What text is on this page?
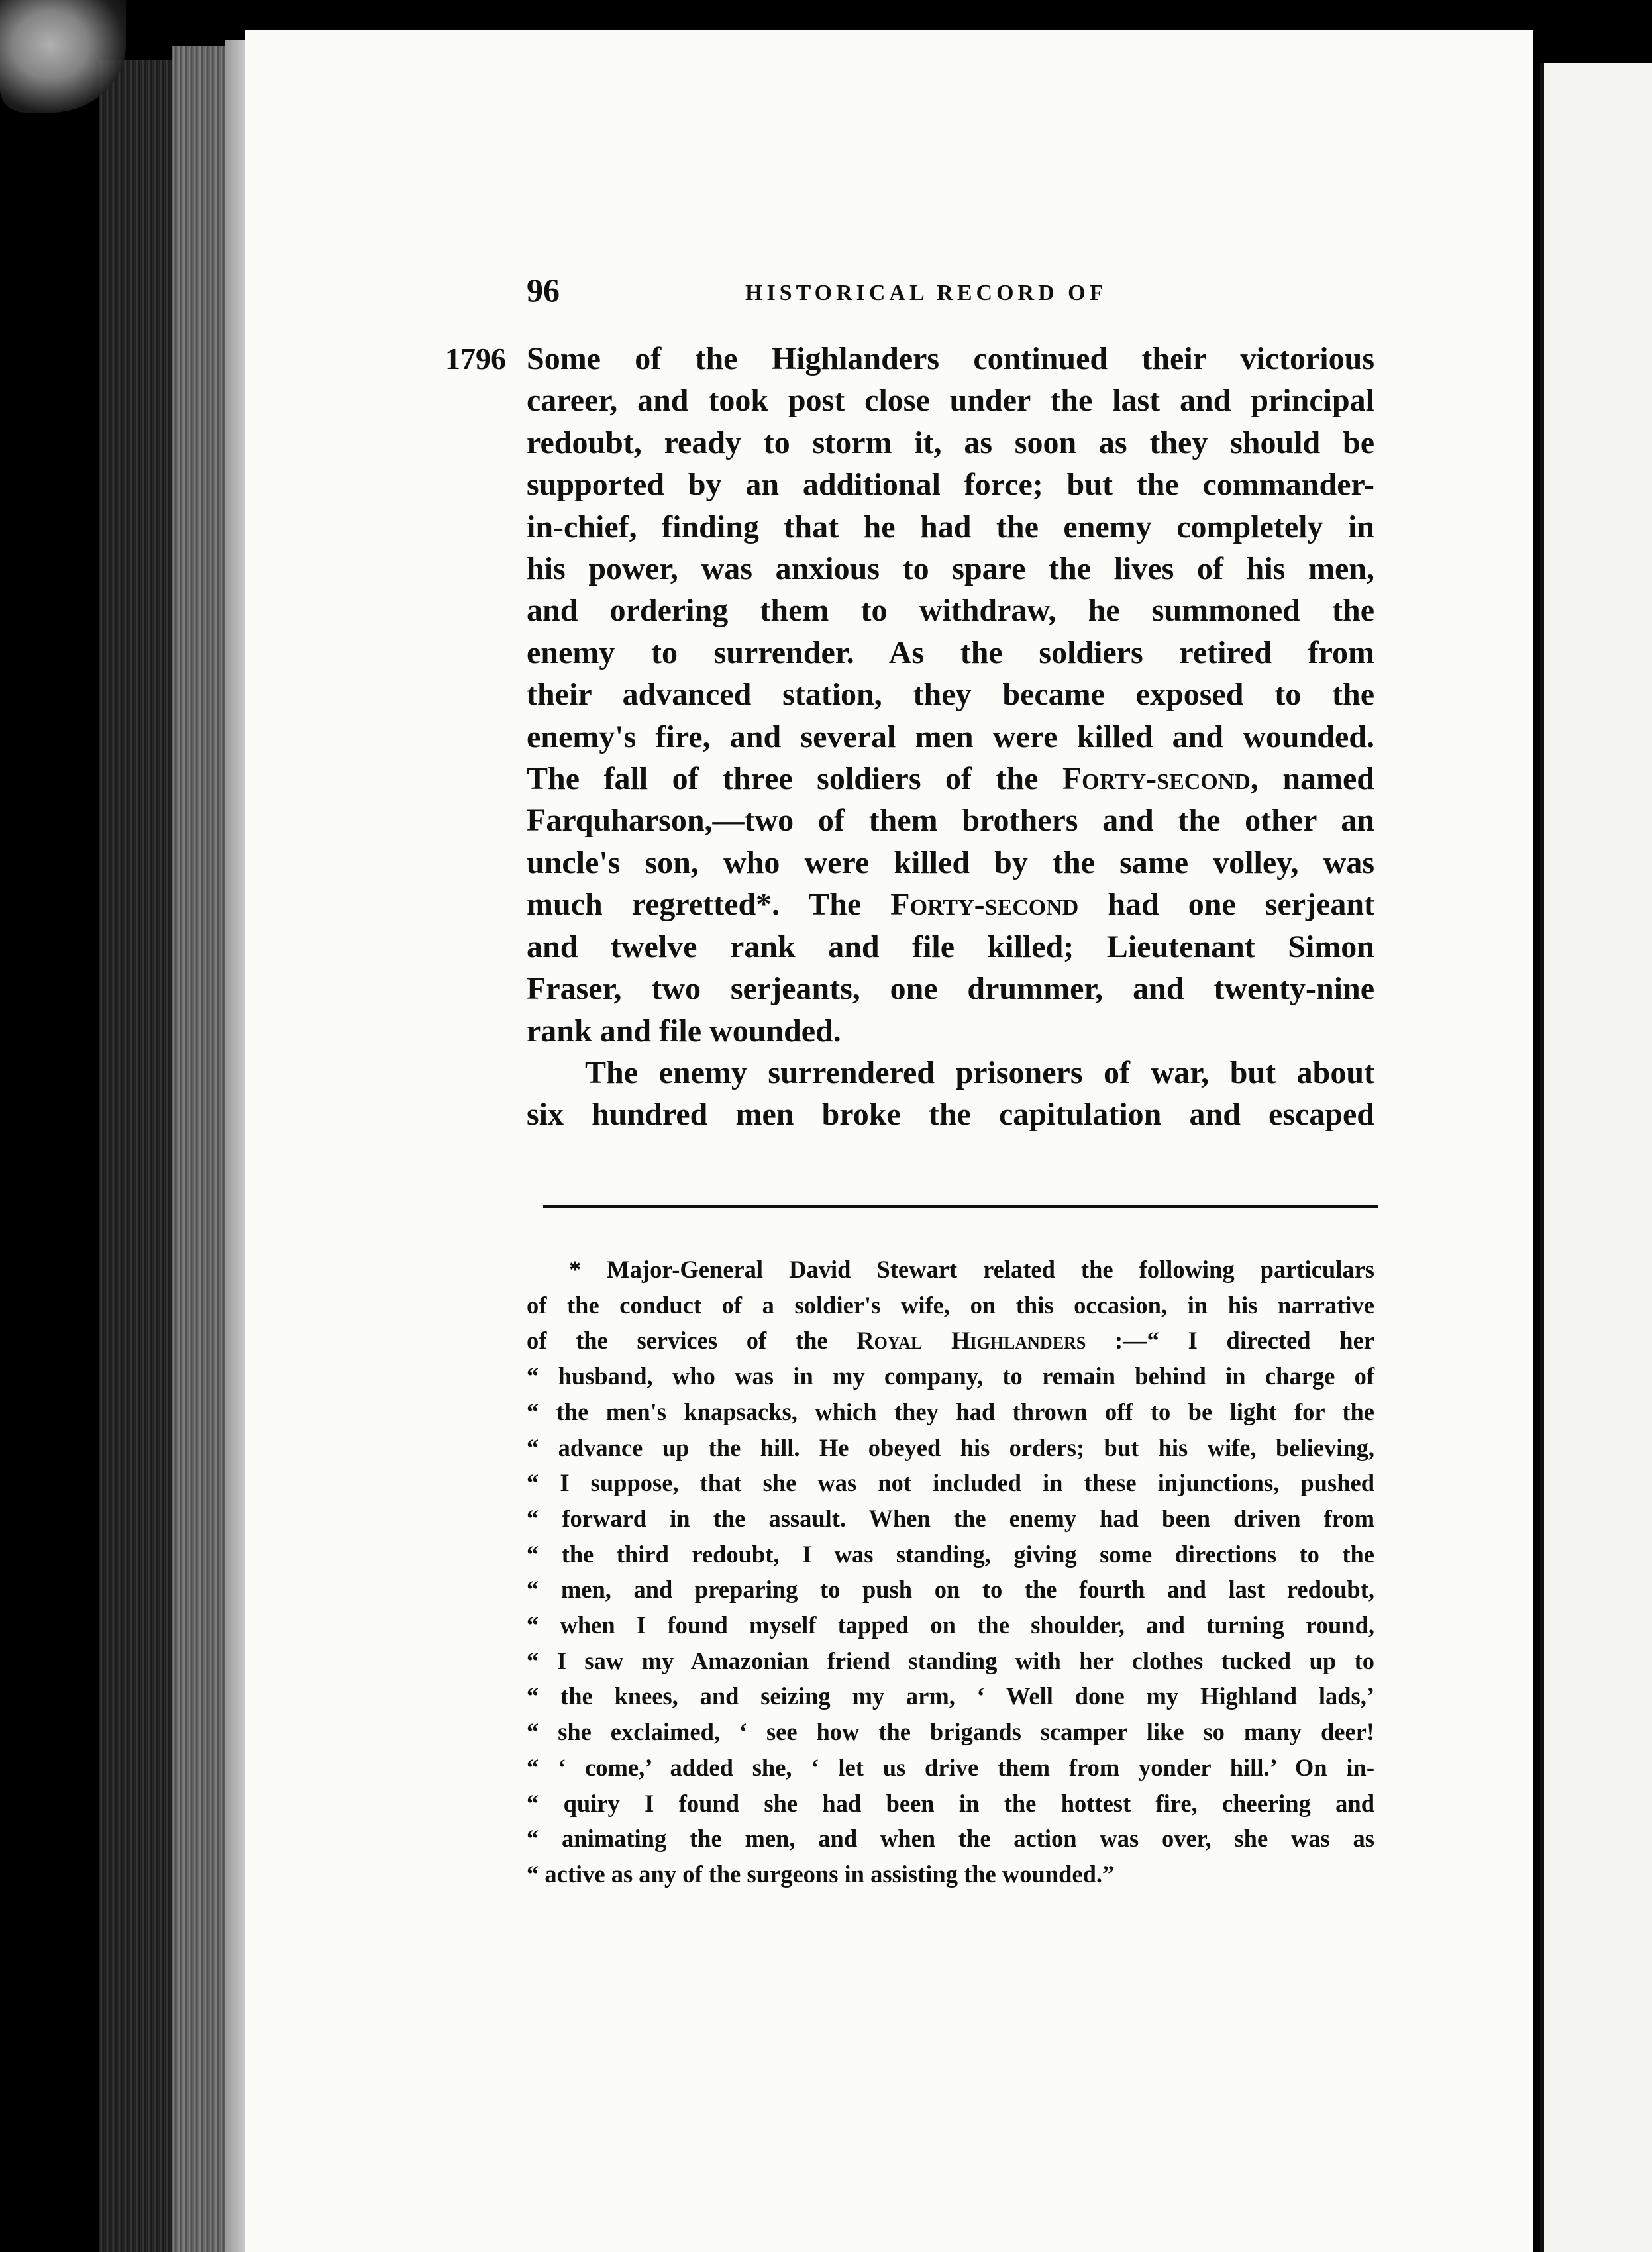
96	HISTORICAL RECORD OF

Some of the Highlanders continued their victorious
career, and took post close under the last and principal
redoubt, ready to storm it, as soon as they should be
supported by an additional force; but the commander-
in-chief, finding that he had the enemy completely in
his power, was anxious to spare the lives of his men,
and ordering them to withdraw, he summoned the
enemy to surrender. As the soldiers retired from
their advanced station, they became exposed to the
enemy's fire, and several men were killed and wounded.
The fall of three soldiers of the Forty-second, named
Farquharson,—two of them brothers and the other an
uncle's son, who were killed by the same volley, was
much regretted*. The Forty-second had one serjeant
and twelve rank and file killed; Lieutenant Simon
Fraser, two serjeants, one drummer, and twenty-nine
rank and file wounded.

The enemy surrendered prisoners of war, but about
six hundred men broke the capitulation and escaped

* Major-General David Stewart related the following particulars
of the conduct of a soldier's wife, on this occasion, in his narrative
of the services of the Royal Highlanders :—“ I directed her
“ husband, who was in my company, to remain behind in charge of
“ the men's knapsacks, which they had thrown off to be light for the
“ advance up the hill. He obeyed his orders; but his wife, believing,
“ I suppose, that she was not included in these injunctions, pushed
“ forward in the assault. When the enemy had been driven from
“ the third redoubt, I was standing, giving some directions to the
“ men, and preparing to push on to the fourth and last redoubt,
“ when I found myself tapped on the shoulder, and turning round,
“ I saw my Amazonian friend standing with her clothes tucked up to
“ the knees, and seizing my arm, ‘ Well done my Highland lads,’
“ she exclaimed, ‘ see how the brigands scamper like so many deer!
“ ‘ come,’ added she, ‘ let us drive them from yonder hill.’ On in-
“ quiry I found she had been in the hottest fire, cheering and
“ animating the men, and when the action was over, she was as
“ active as any of the surgeons in assisting the wounded.”
1796
